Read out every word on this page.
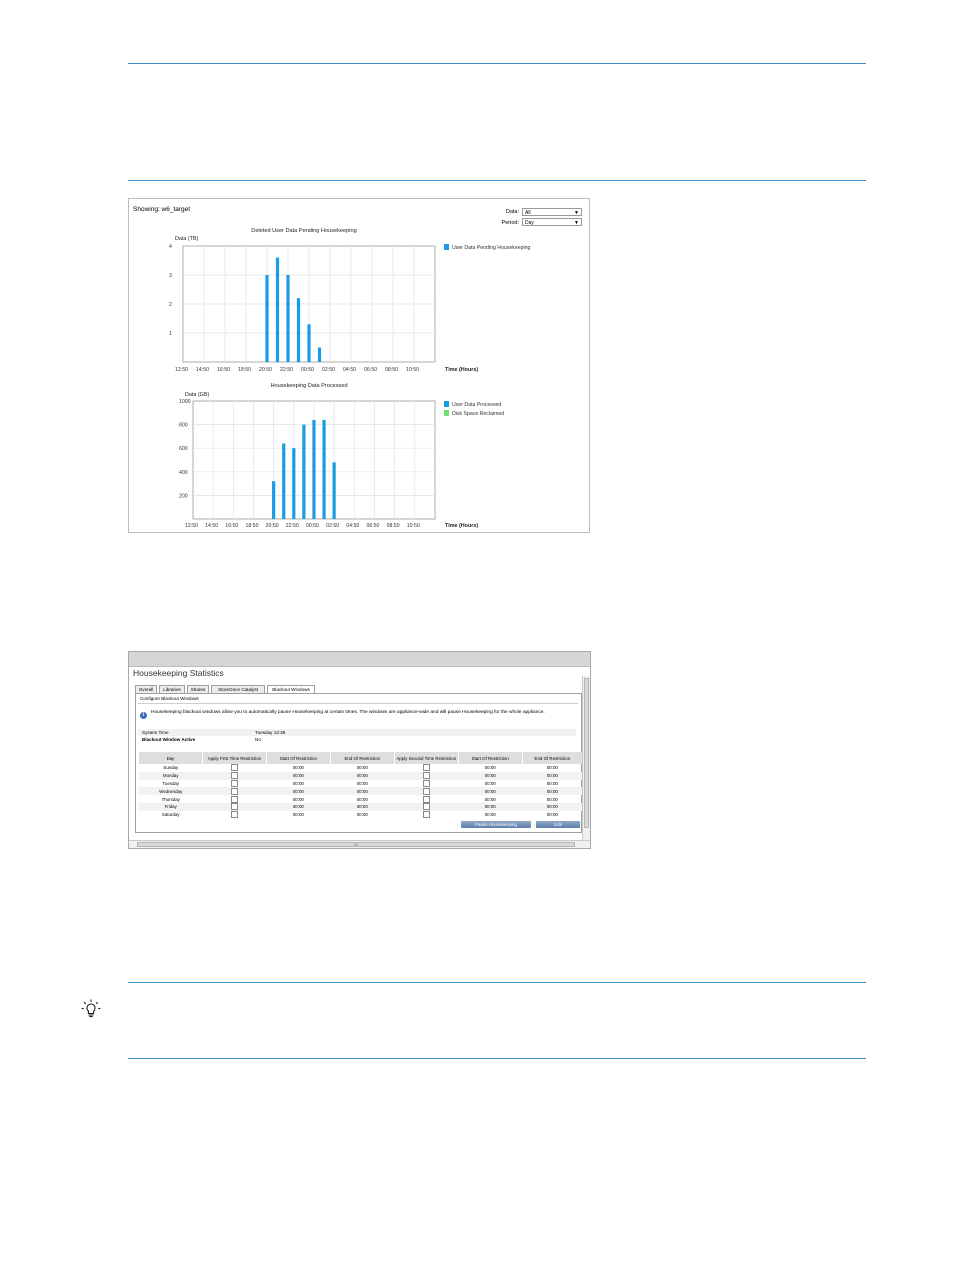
Showing: w6_target	Data:	All	▼
Period:	Day	▼
1
2
3
4
12:50 14:50 16:50 18:50 20:50 22:50 00:50 02:50 04:50 06:50 08:50 10:50
Deleted User Data Pending Housekeeping
Data (TB)
Time (Hours)
User Data Pending Housekeeping
200
400
600
800
1000
12:50 14:50 16:50 18:50 20:50 22:50 00:50 02:50 04:50 06:50 08:50 10:50
Housekeeping Data Processed
Data (GB)
Time (Hours)
User Data Processed
Disk Space Reclaimed
Housekeeping Statistics
Overall	Libraries	Shares	StoreOnce Catalyst	Blackout Windows
Configure Blackout Windows
i	Housekeeping blackout windows allow you to automatically pause Housekeeping at certain times. The windows are appliance-wide and will pause Housekeeping for the whole appliance.
System Time	Tuesday 13:38
Blackout Window Active	No
Day	Apply First Time Restriction	Start Of Restriction	End Of Restriction	Apply Second Time Restriction	Start Of Restriction	End Of Restriction
Sunday		00:00	00:00		00:00	00:00
Monday		00:00	00:00		00:00	00:00
Tuesday		00:00	00:00		00:00	00:00
Wednesday		00:00	00:00		00:00	00:00
Thursday		00:00	00:00		00:00	00:00
Friday		00:00	00:00		00:00	00:00
Saturday		00:00	00:00		00:00	00:00
Pause Housekeeping	Edit
III
